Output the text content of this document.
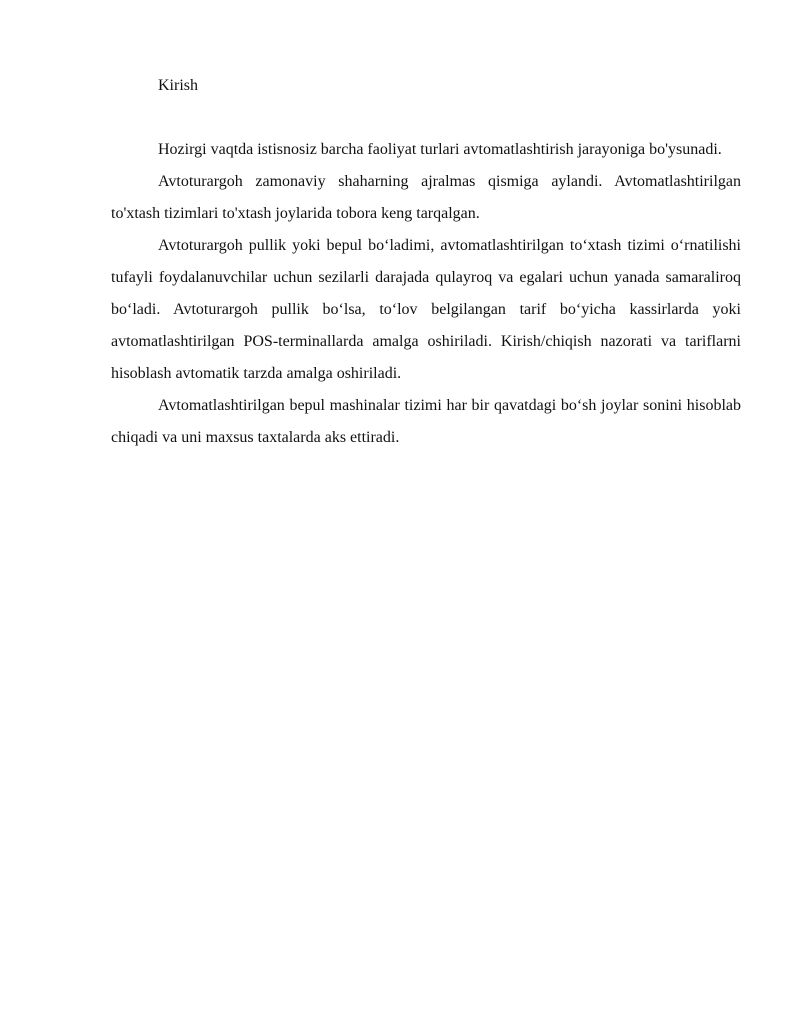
Kirish

Hozirgi vaqtda istisnosiz barcha faoliyat turlari avtomatlashtirish jarayoniga bo'ysunadi.

Avtoturargoh zamonaviy shaharning ajralmas qismiga aylandi. Avtomatlashtirilgan to'xtash tizimlari to'xtash joylarida tobora keng tarqalgan.

Avtoturargoh pullik yoki bepul bo‘ladimi, avtomatlashtirilgan to‘xtash tizimi o‘rnatilishi tufayli foydalanuvchilar uchun sezilarli darajada qulayroq va egalari uchun yanada samaraliroq bo‘ladi. Avtoturargoh pullik bo‘lsa, to‘lov belgilangan tarif bo‘yicha kassirlarda yoki avtomatlashtirilgan POS-terminallarda amalga oshiriladi. Kirish/chiqish nazorati va tariflarni hisoblash avtomatik tarzda amalga oshiriladi.

Avtomatlashtirilgan bepul mashinalar tizimi har bir qavatdagi bo‘sh joylar sonini hisoblab chiqadi va uni maxsus taxtalarda aks ettiradi.
